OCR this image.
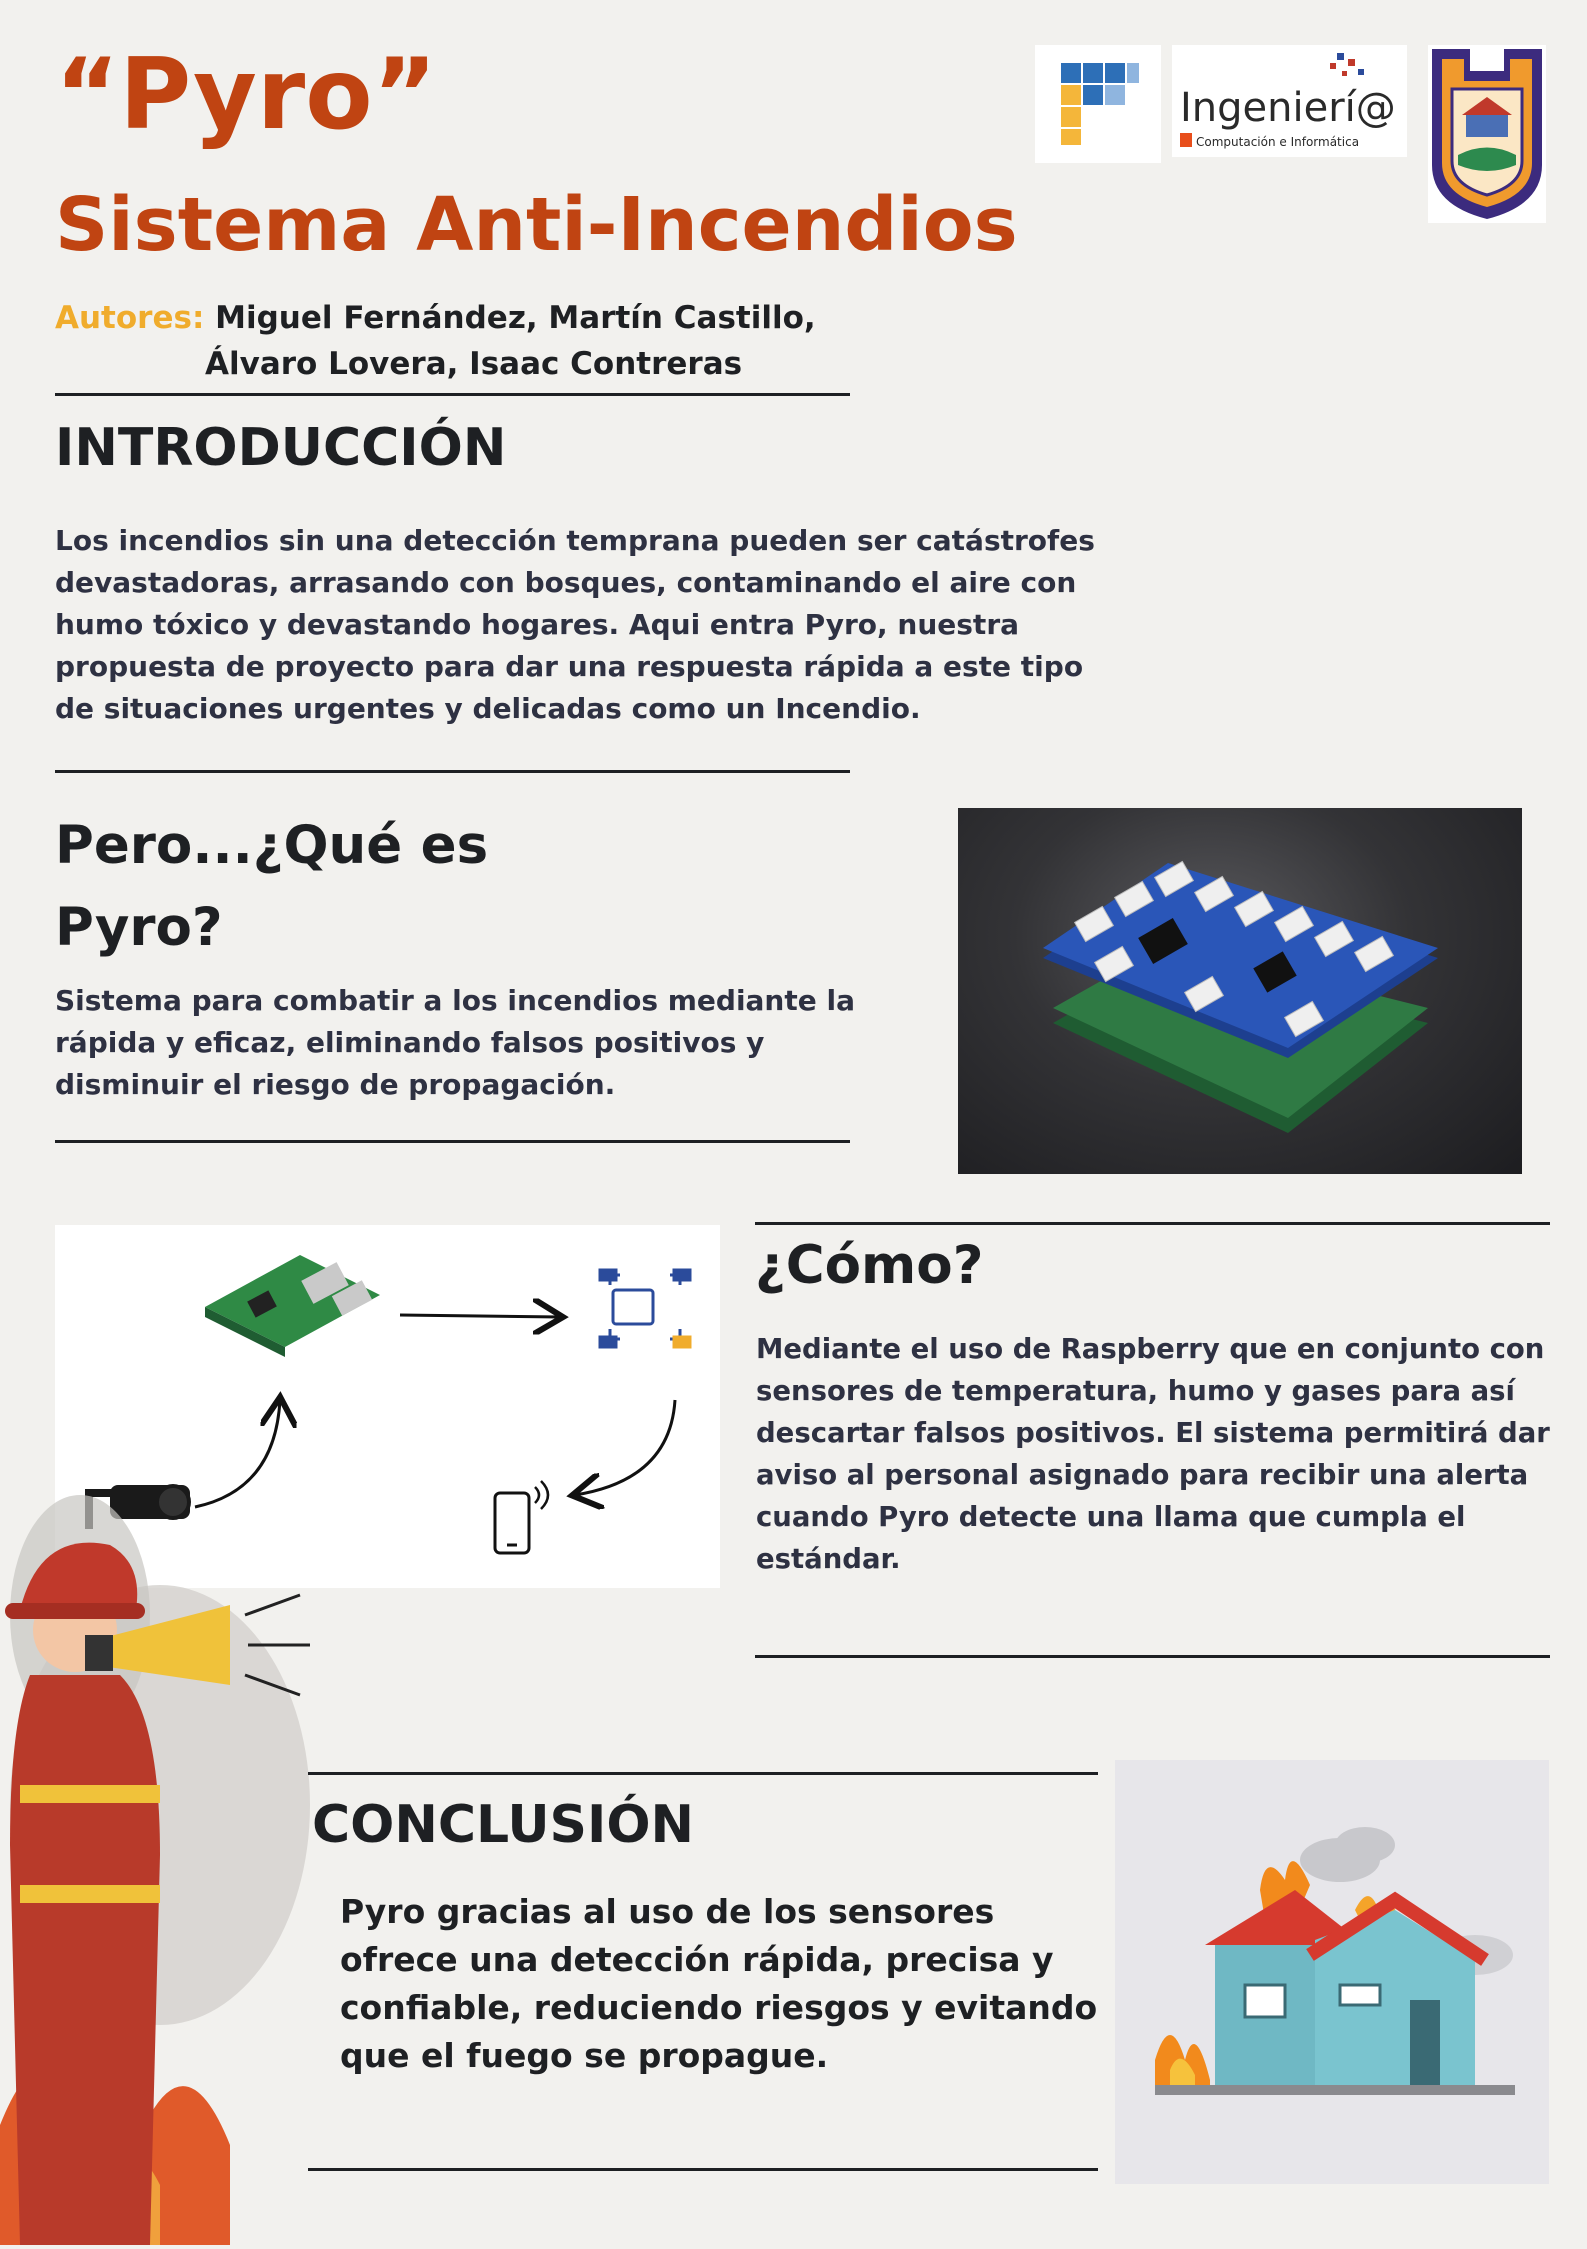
“Pyro”
Sistema Anti-Incendios
Autores: Miguel Fernández, Martín Castillo,
Álvaro Lovera, Isaac Contreras
Ingenierí@
Computación e Informática
INTRODUCCIÓN

Los incendios sin una detección temprana pueden ser catástrofes devastadoras, arrasando con bosques, contaminando el aire con humo tóxico y devastando hogares. Aqui entra Pyro, nuestra propuesta de proyecto para dar una respuesta rápida a este tipo de situaciones urgentes y delicadas como un Incendio.

Pero...¿Qué es Pyro?

Sistema para combatir a los incendios mediante la rápida y eficaz, eliminando falsos positivos y disminuir el riesgo de propagación.

¿Cómo?

Mediante el uso de Raspberry que en conjunto con sensores de temperatura, humo y gases para así descartar falsos positivos. El sistema permitirá dar aviso al personal asignado para recibir una alerta cuando Pyro detecte una llama que cumpla el estándar.

CONCLUSIÓN

Pyro gracias al uso de los sensores ofrece una detección rápida, precisa y confiable, reduciendo riesgos y evitando que el fuego se propague.
